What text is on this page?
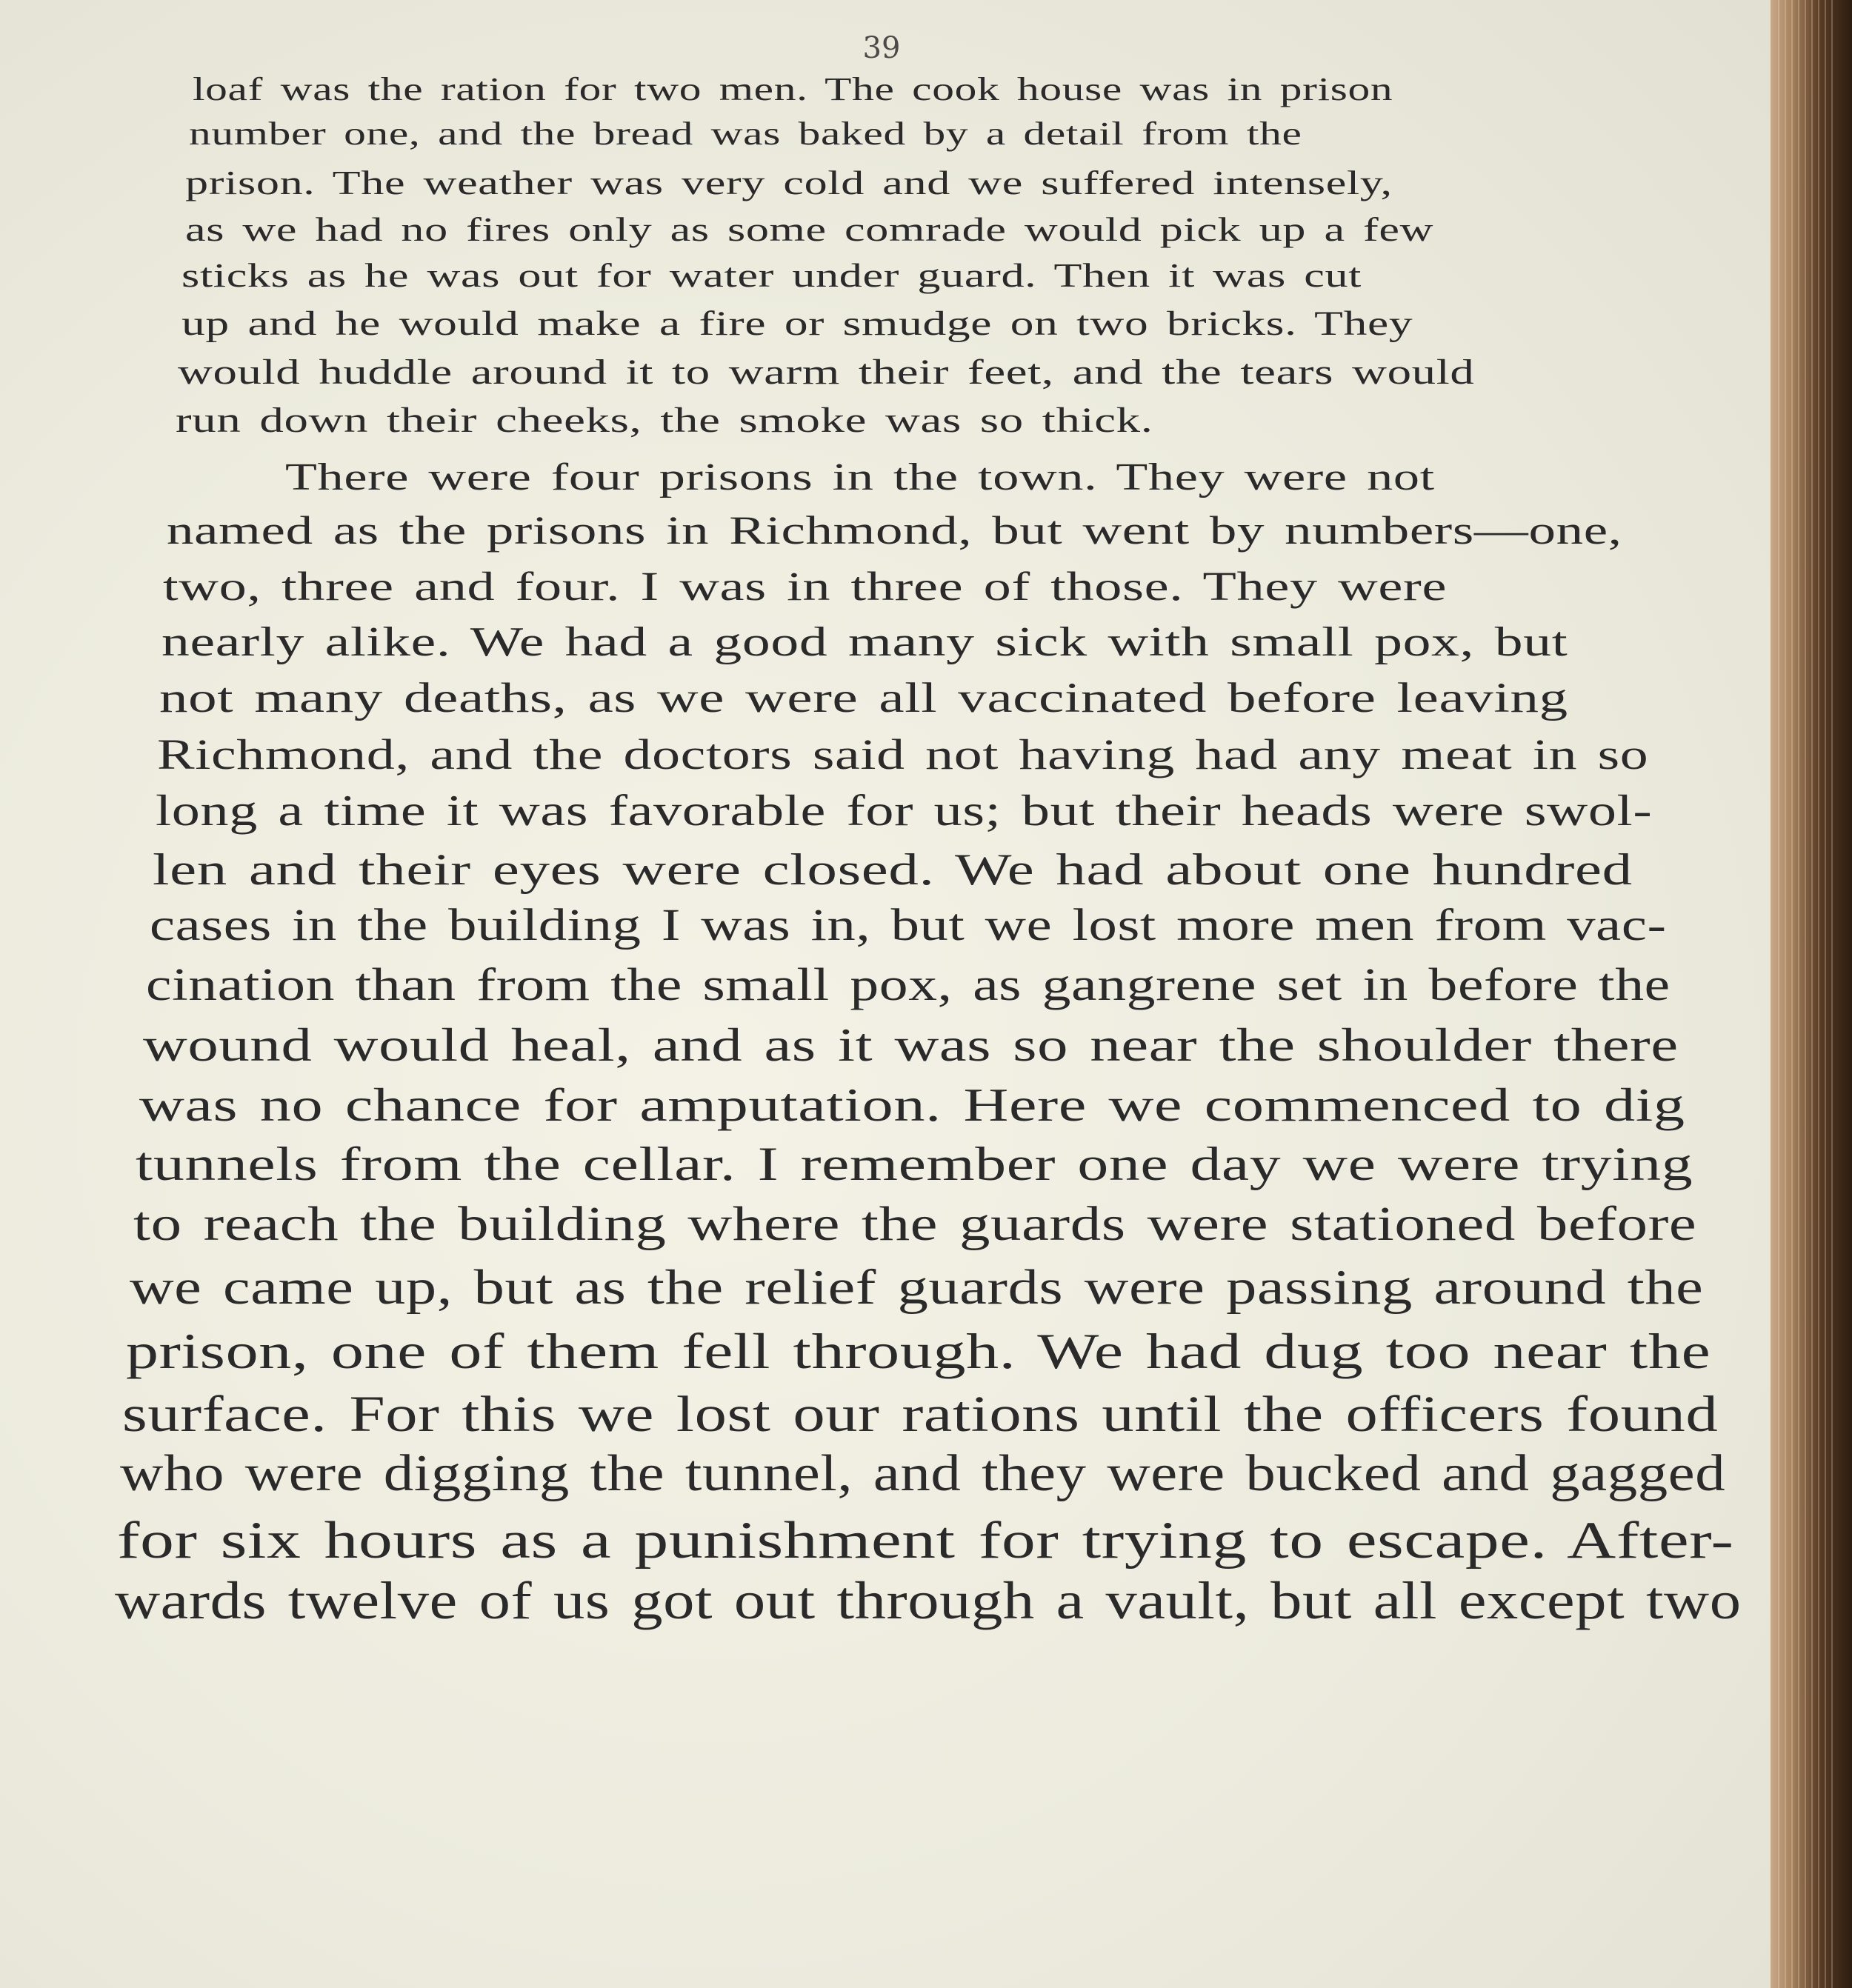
39
loaf was the ration for two men. The cook house was in prison
number one, and the bread was baked by a detail from the
prison. The weather was very cold and we suffered intensely,
as we had no fires only as some comrade would pick up a few
sticks as he was out for water under guard. Then it was cut
up and he would make a fire or smudge on two bricks. They
would huddle around it to warm their feet, and the tears would
run down their cheeks, the smoke was so thick.
There were four prisons in the town. They were not
named as the prisons in Richmond, but went by numbers—one,
two, three and four. I was in three of those. They were
nearly alike. We had a good many sick with small pox, but
not many deaths, as we were all vaccinated before leaving
Richmond, and the doctors said not having had any meat in so
long a time it was favorable for us; but their heads were swol-
len and their eyes were closed. We had about one hundred
cases in the building I was in, but we lost more men from vac-
cination than from the small pox, as gangrene set in before the
wound would heal, and as it was so near the shoulder there
was no chance for amputation. Here we commenced to dig
tunnels from the cellar. I remember one day we were trying
to reach the building where the guards were stationed before
we came up, but as the relief guards were passing around the
prison, one of them fell through. We had dug too near the
surface. For this we lost our rations until the officers found
who were digging the tunnel, and they were bucked and gagged
for six hours as a punishment for trying to escape. After-
wards twelve of us got out through a vault, but all except two
